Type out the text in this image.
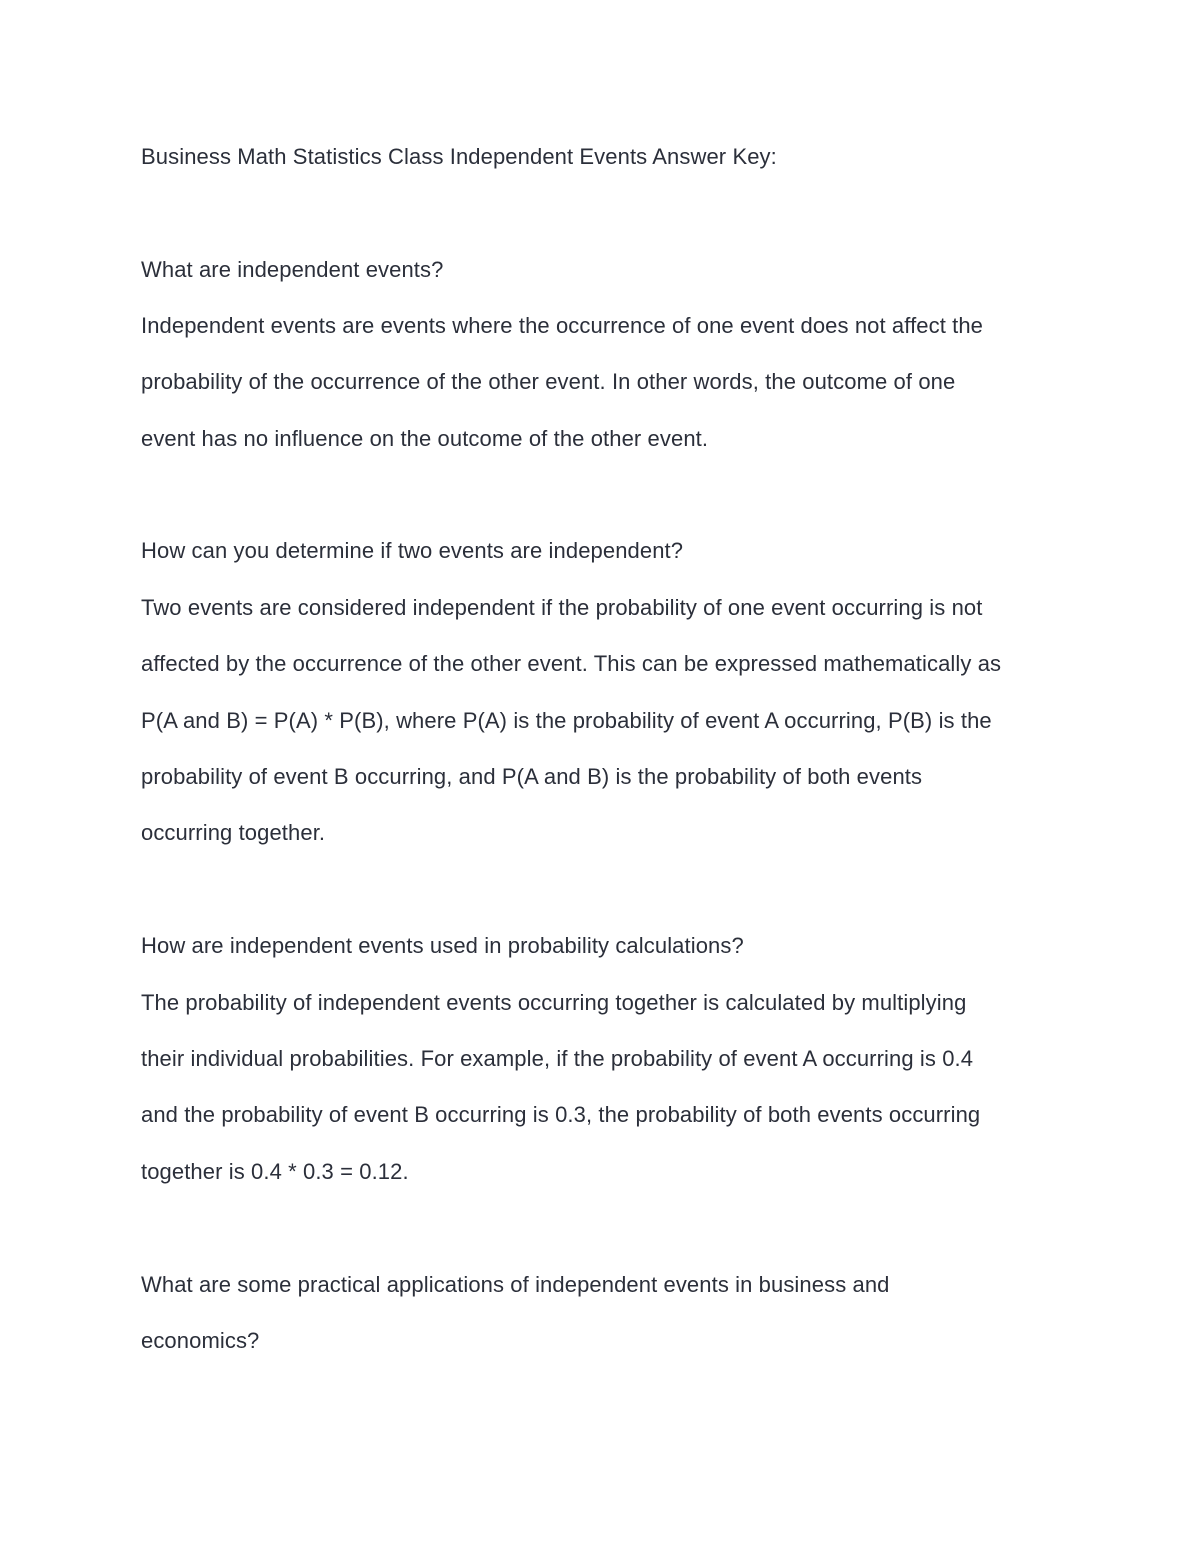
Business Math Statistics Class Independent Events Answer Key:
What are independent events?
Independent events are events where the occurrence of one event does not affect the
probability of the occurrence of the other event. In other words, the outcome of one
event has no influence on the outcome of the other event.
How can you determine if two events are independent?
Two events are considered independent if the probability of one event occurring is not
affected by the occurrence of the other event. This can be expressed mathematically as
P(A and B) = P(A) * P(B), where P(A) is the probability of event A occurring, P(B) is the
probability of event B occurring, and P(A and B) is the probability of both events
occurring together.
How are independent events used in probability calculations?
The probability of independent events occurring together is calculated by multiplying
their individual probabilities. For example, if the probability of event A occurring is 0.4
and the probability of event B occurring is 0.3, the probability of both events occurring
together is 0.4 * 0.3 = 0.12.
What are some practical applications of independent events in business and
economics?
